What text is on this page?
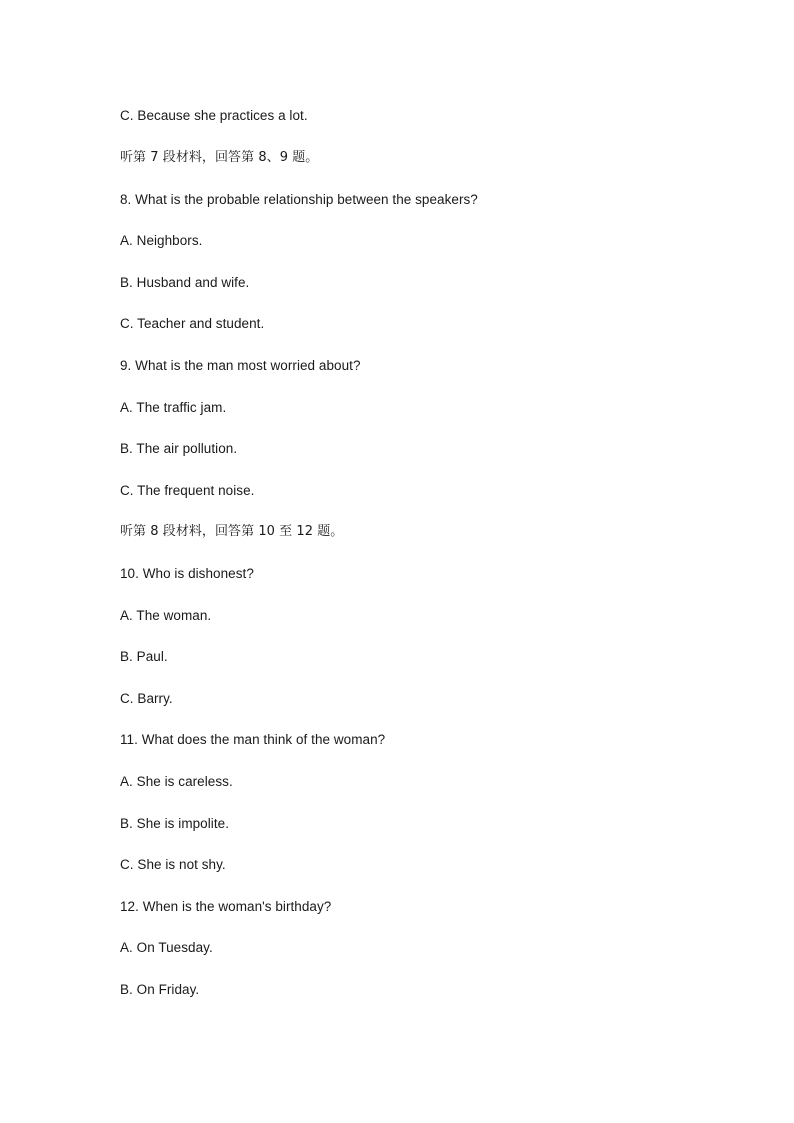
C. Because she practices a lot.
听第 7 段材料，回答第 8、9 题。
8. What is the probable relationship between the speakers?
A. Neighbors.
B. Husband and wife.
C. Teacher and student.
9. What is the man most worried about?
A. The traffic jam.
B. The air pollution.
C. The frequent noise.
听第 8 段材料，回答第 10 至 12 题。
10. Who is dishonest?
A. The woman.
B. Paul.
C. Barry.
11. What does the man think of the woman?
A. She is careless.
B. She is impolite.
C. She is not shy.
12. When is the woman's birthday?
A. On Tuesday.
B. On Friday.
